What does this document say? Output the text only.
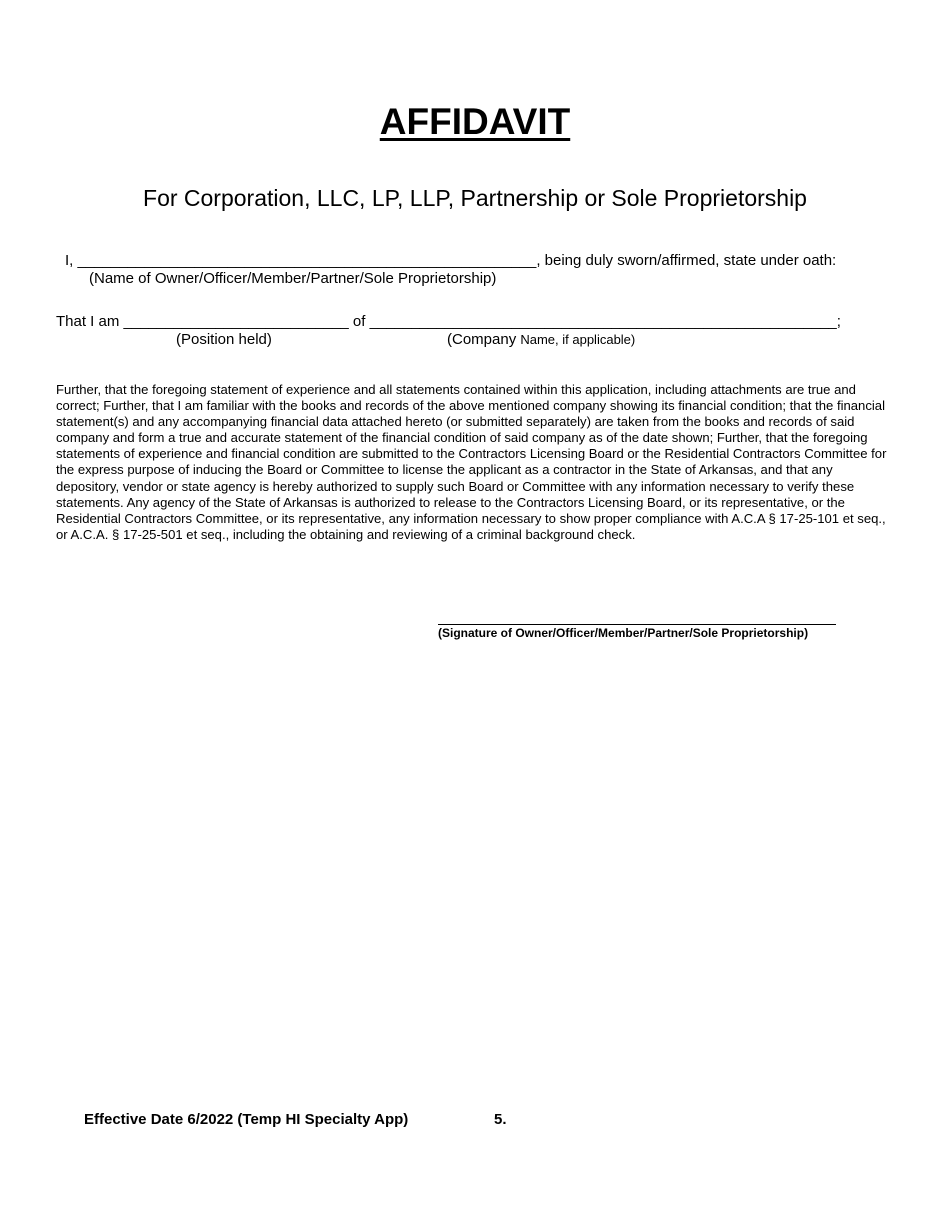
AFFIDAVIT
For Corporation, LLC, LP, LLP, Partnership or Sole Proprietorship
I, _______________________________________________________, being duly sworn/affirmed, state under oath:
(Name of Owner/Officer/Member/Partner/Sole Proprietorship)
That I am ___________________________ of ________________________________________________________;
(Position held)	(Company Name, if applicable)
Further, that the foregoing statement of experience and all statements contained within this application, including attachments are true and correct; Further, that I am familiar with the books and records of the above mentioned company showing its financial condition; that the financial statement(s) and any accompanying financial data attached hereto (or submitted separately) are taken from the books and records of said company and form a true and accurate statement of the financial condition of said company as of the date shown; Further, that the foregoing statements of experience and financial condition are submitted to the Contractors Licensing Board or the Residential Contractors Committee for the express purpose of inducing the Board or Committee to license the applicant as a contractor in the State of Arkansas, and that any depository, vendor or state agency is hereby authorized to supply such Board or Committee with any information necessary to verify these statements. Any agency of the State of Arkansas is authorized to release to the Contractors Licensing Board, or its representative, or the Residential Contractors Committee, or its representative, any information necessary to show proper compliance with A.C.A § 17-25-101 et seq., or A.C.A. § 17-25-501 et seq., including the obtaining and reviewing of a criminal background check.
(Signature of Owner/Officer/Member/Partner/Sole Proprietorship)
Effective Date 6/2022 (Temp HI Specialty App)	5.
